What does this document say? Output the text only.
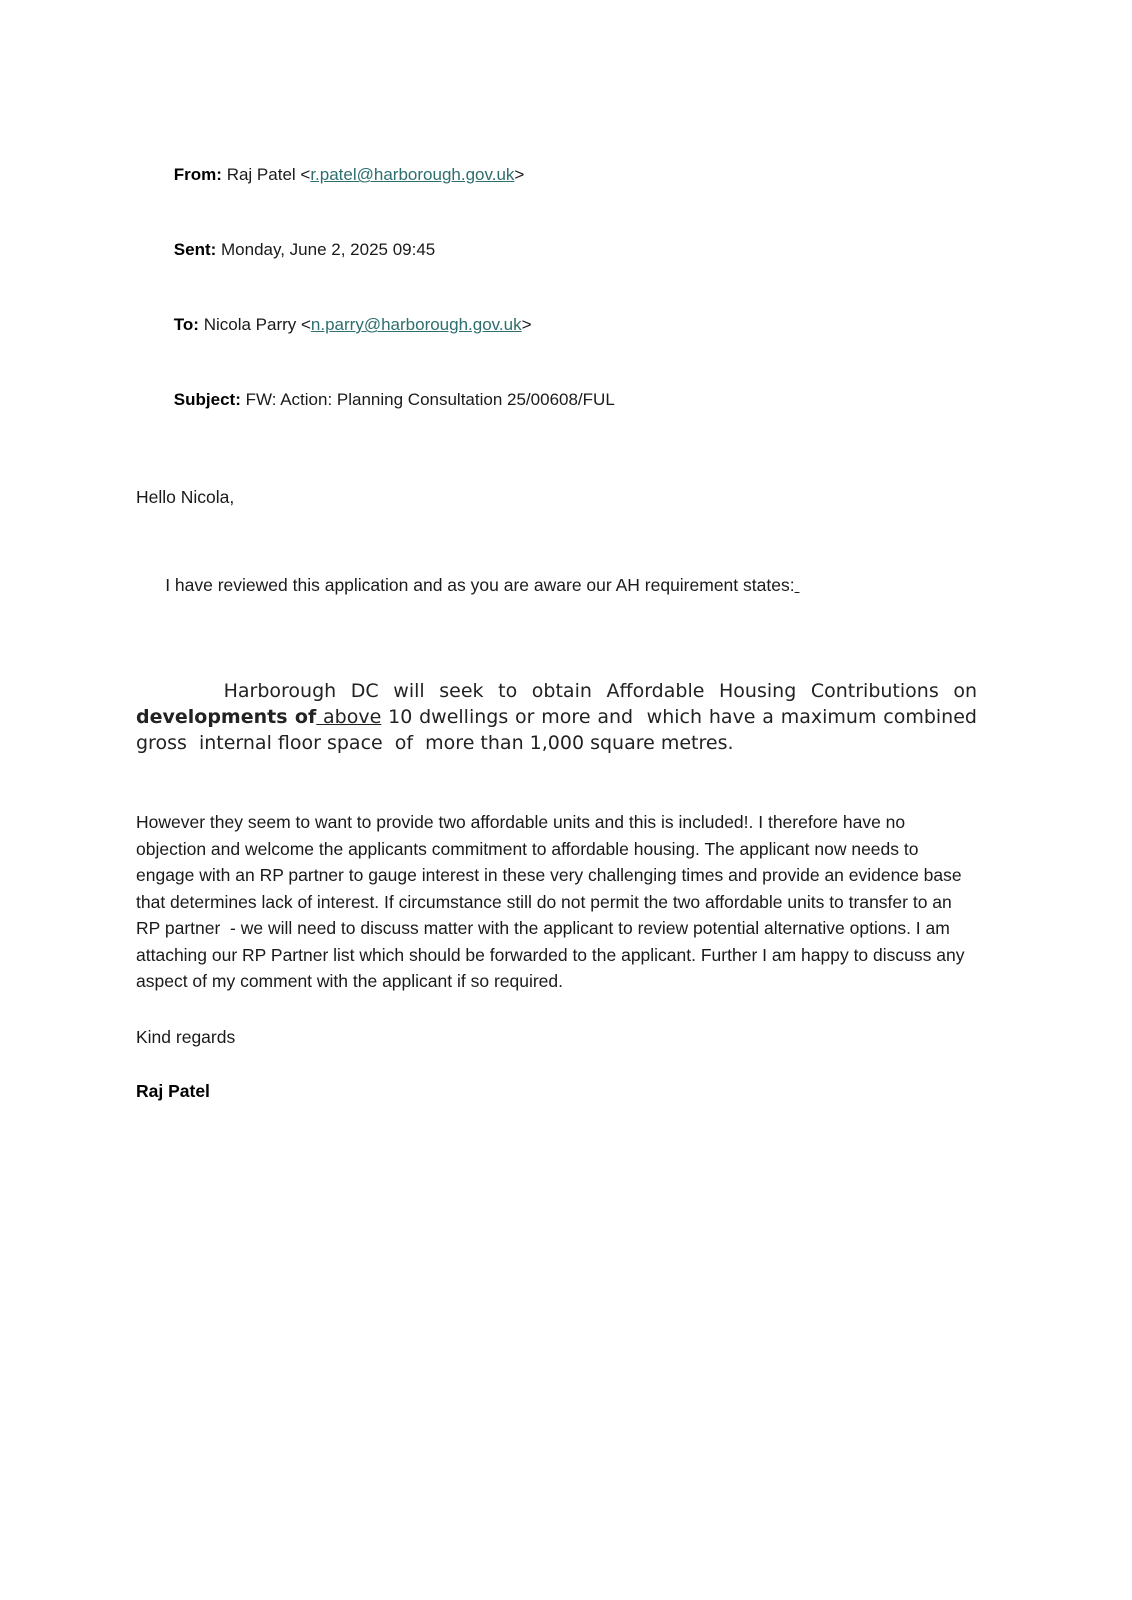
From: Raj Patel <r.patel@harborough.gov.uk>

Sent: Monday, June 2, 2025 09:45

To: Nicola Parry <n.parry@harborough.gov.uk>

Subject: FW: Action: Planning Consultation 25/00608/FUL

Hello Nicola,

I have reviewed this application and as you are aware our AH requirement states:

Harborough DC will seek to obtain Affordable Housing Contributions on developments of above 10 dwellings or more and  which have a maximum combined gross  internal floor space  of  more than 1,000 square metres.

However they seem to want to provide two affordable units and this is included!. I therefore have no objection and welcome the applicants commitment to affordable housing. The applicant now needs to engage with an RP partner to gauge interest in these very challenging times and provide an evidence base that determines lack of interest. If circumstance still do not permit the two affordable units to transfer to an RP partner  - we will need to discuss matter with the applicant to review potential alternative options. I am attaching our RP Partner list which should be forwarded to the applicant. Further I am happy to discuss any aspect of my comment with the applicant if so required.
Kind regards
Raj Patel
